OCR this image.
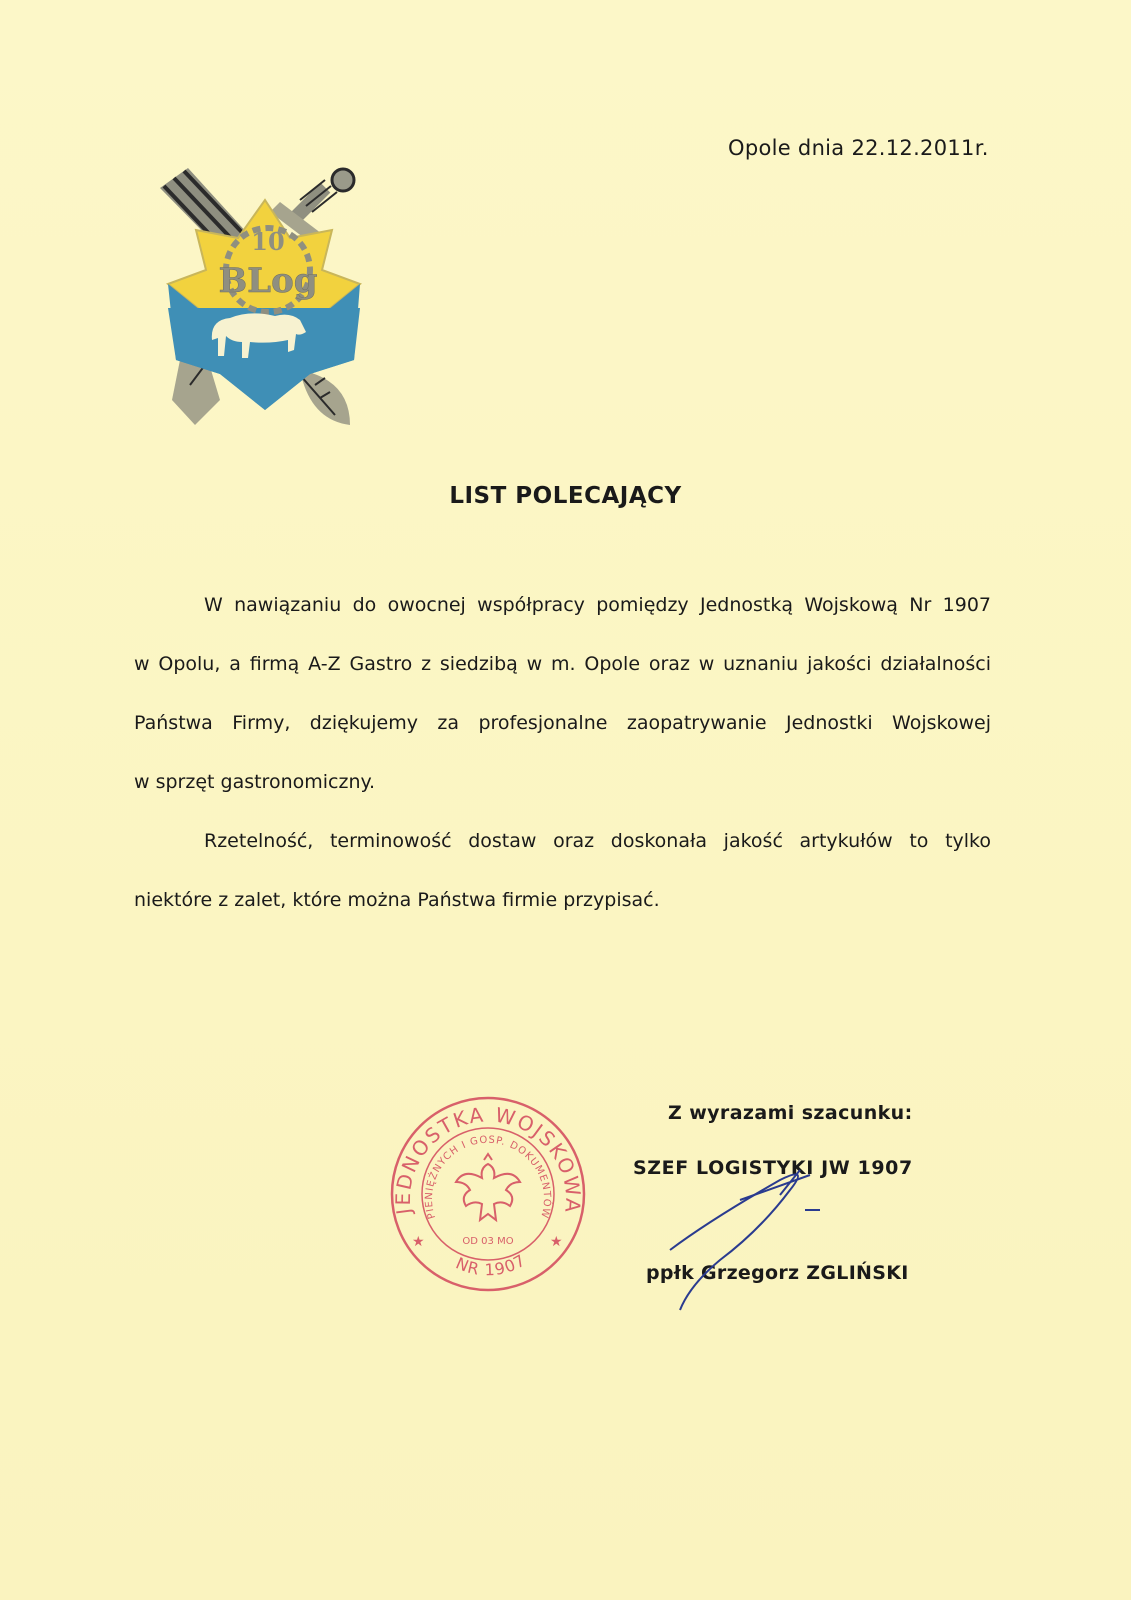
Opole dnia 22.12.2011r.
10
BLog
LIST POLECAJĄCY
W nawiązaniu do owocnej współpracy pomiędzy Jednostką Wojskową Nr 1907
w Opolu, a firmą A-Z Gastro z siedzibą w m. Opole oraz w uznaniu jakości działalności
Państwa Firmy, dziękujemy za profesjonalne zaopatrywanie Jednostki Wojskowej
w sprzęt gastronomiczny.
Rzetelność, terminowość dostaw oraz doskonała jakość artykułów to tylko
niektóre z zalet, które można Państwa firmie przypisać.
JEDNOSTKA WOJSKOWA
PIENIĘŻNYCH I GOSP. DOKUMENTÓW
OD 03 MO
NR 1907
★	★
Z wyrazami szacunku:
SZEF LOGISTYKI JW 1907
ppłk Grzegorz ZGLIŃSKI
